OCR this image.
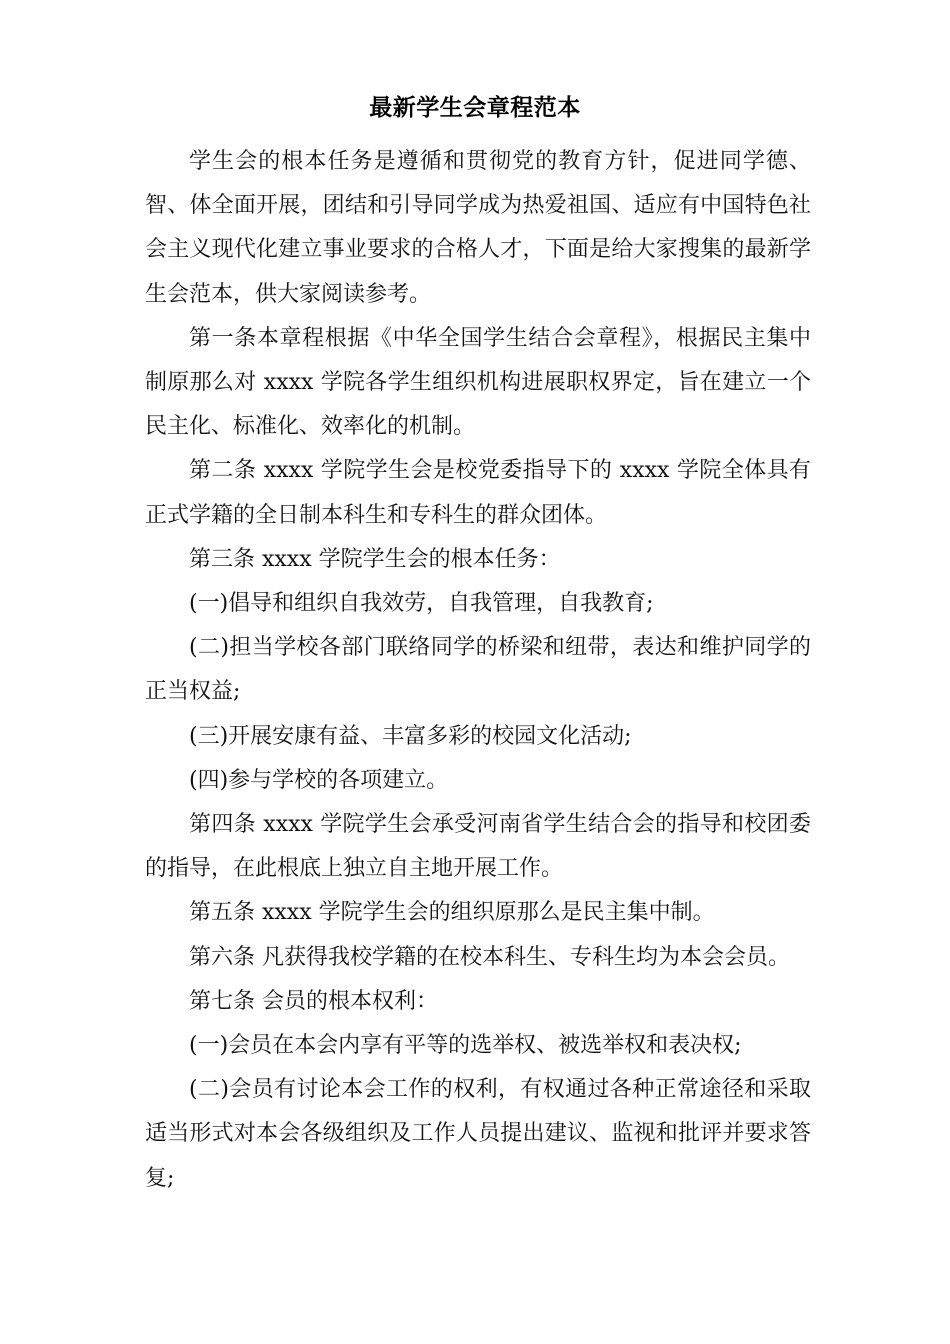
最新学生会章程范本

学生会的根本任务是遵循和贯彻党的教育方针，促进同学德、智、体全面开展，团结和引导同学成为热爱祖国、适应有中国特色社会主义现代化建立事业要求的合格人才，下面是给大家搜集的最新学生会范本，供大家阅读参考。

第一条本章程根据《中华全国学生结合会章程》，根据民主集中制原那么对 xxxx 学院各学生组织机构进展职权界定，旨在建立一个民主化、标准化、效率化的机制。

第二条 xxxx 学院学生会是校党委指导下的 xxxx 学院全体具有正式学籍的全日制本科生和专科生的群众团体。

第三条 xxxx 学院学生会的根本任务：

(一)倡导和组织自我效劳，自我管理，自我教育;

(二)担当学校各部门联络同学的桥梁和纽带，表达和维护同学的正当权益;

(三)开展安康有益、丰富多彩的校园文化活动;

(四)参与学校的各项建立。

第四条 xxxx 学院学生会承受河南省学生结合会的指导和校团委的指导，在此根底上独立自主地开展工作。

第五条 xxxx 学院学生会的组织原那么是民主集中制。

第六条 凡获得我校学籍的在校本科生、专科生均为本会会员。

第七条 会员的根本权利：

(一)会员在本会内享有平等的选举权、被选举权和表决权;

(二)会员有讨论本会工作的权利，有权通过各种正常途径和采取适当形式对本会各级组织及工作人员提出建议、监视和批评并要求答复;
